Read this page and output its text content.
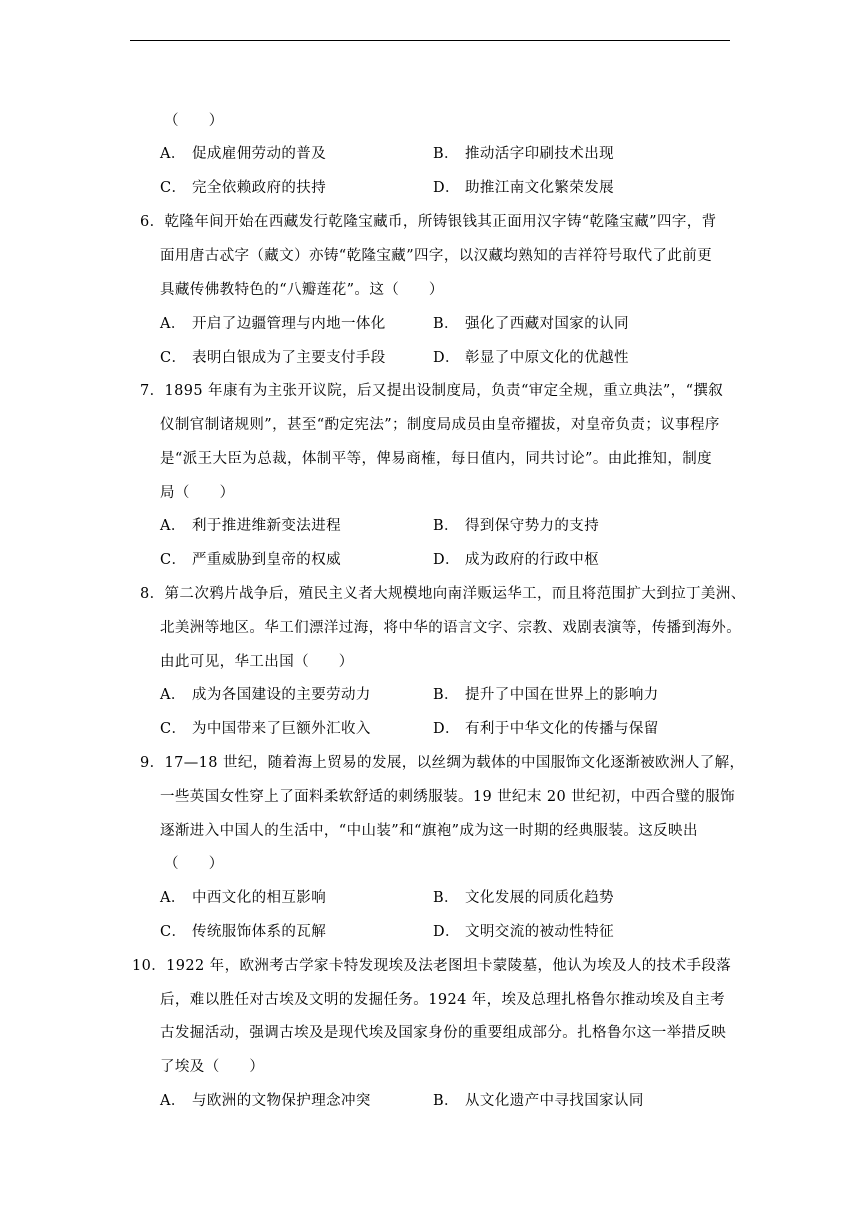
（　　）
A． 促成雇佣劳动的普及	B． 推动活字印刷技术出现
C． 完全依赖政府的扶持	D． 助推江南文化繁荣发展
6．乾隆年间开始在西藏发行乾隆宝藏币，所铸银钱其正面用汉字铸“乾隆宝藏”四字，背
面用唐古忒字（藏文）亦铸“乾隆宝藏”四字，以汉藏均熟知的吉祥符号取代了此前更
具藏传佛教特色的“八瓣莲花”。这（　　）
A． 开启了边疆管理与内地一体化	B． 强化了西藏对国家的认同
C． 表明白银成为了主要支付手段	D． 彰显了中原文化的优越性
7．1895 年康有为主张开议院，后又提出设制度局，负责“审定全规，重立典法”，“撰叙
仪制官制诸规则”，甚至“酌定宪法”；制度局成员由皇帝擢拔，对皇帝负责；议事程序
是“派王大臣为总裁，体制平等，俾易商榷，每日值内，同共讨论”。由此推知，制度
局（　　）
A． 利于推进维新变法进程	B． 得到保守势力的支持
C． 严重威胁到皇帝的权威	D． 成为政府的行政中枢
8．第二次鸦片战争后，殖民主义者大规模地向南洋贩运华工，而且将范围扩大到拉丁美洲、
北美洲等地区。华工们漂洋过海，将中华的语言文字、宗教、戏剧表演等，传播到海外。
由此可见，华工出国（　　）
A． 成为各国建设的主要劳动力	B． 提升了中国在世界上的影响力
C． 为中国带来了巨额外汇收入	D． 有利于中华文化的传播与保留
9．17—18 世纪，随着海上贸易的发展，以丝绸为载体的中国服饰文化逐渐被欧洲人了解，
一些英国女性穿上了面料柔软舒适的刺绣服装。19 世纪末 20 世纪初，中西合璧的服饰
逐渐进入中国人的生活中，“中山装”和“旗袍”成为这一时期的经典服装。这反映出
（　　）
A． 中西文化的相互影响	B． 文化发展的同质化趋势
C． 传统服饰体系的瓦解	D． 文明交流的被动性特征
10．1922 年，欧洲考古学家卡特发现埃及法老图坦卡蒙陵墓，他认为埃及人的技术手段落
后，难以胜任对古埃及文明的发掘任务。1924 年，埃及总理扎格鲁尔推动埃及自主考
古发掘活动，强调古埃及是现代埃及国家身份的重要组成部分。扎格鲁尔这一举措反映
了埃及（　　）
A． 与欧洲的文物保护理念冲突	B． 从文化遗产中寻找国家认同
